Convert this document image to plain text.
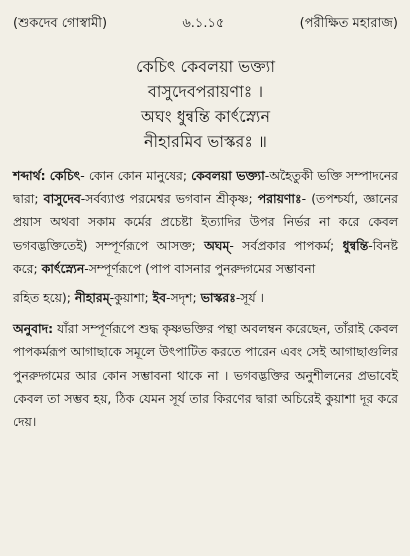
(শুকদেব গোস্বামী)	৬.১.১৫	(পরীক্ষিত মহারাজ)
কেচিৎ কেবলয়া ভক্ত্যা
বাসুদেবপরায়ণাঃ ।
অঘং ধুন্বন্তি কার্ৎস্ন্যেন
নীহারমিব ভাস্করঃ ॥

শব্দার্থ: কেচিৎ- কোন কোন মানুষের; কেবলয়া ভক্ত্যা-অহৈতুকী ভক্তি সম্পাদনের দ্বারা; বাসুদেব-সর্বব্যাপ্ত পরমেশ্বর ভগবান শ্রীকৃষ্ণ; পরায়ণাঃ- (তপশ্চর্যা, জ্ঞানের প্রয়াস অথবা সকাম কর্মের প্রচেষ্টা ইত্যাদির উপর নির্ভর না করে কেবল ভগবদ্ভক্তিতেই) সম্পূর্ণরূপে আসক্ত; অঘম্- সর্বপ্রকার পাপকর্ম; ধুন্বন্তি-বিনষ্ট করে; কার্ৎস্ন্যেন-সম্পূর্ণরূপে (পাপ বাসনার পুনরুদ্গমের সম্ভাবনা

রহিত হয়ে); নীহারম্-কুয়াশা; ইব-সদৃশ; ভাস্করঃ-সূর্য ।

অনুবাদ: যাঁরা সম্পূর্ণরূপে শুদ্ধ কৃষ্ণভক্তির পন্থা অবলম্বন করেছেন, তাঁরাই কেবল পাপকর্মরূপ আগাছাকে সমূলে উৎপাটিত করতে পারেন এবং সেই আগাছাগুলির পুনরুদ্গমের আর কোন সম্ভাবনা থাকে না । ভগবদ্ভক্তির অনুশীলনের প্রভাবেই কেবল তা সম্ভব হয়, ঠিক যেমন সূর্য তার কিরণের দ্বারা অচিরেই কুয়াশা দূর করে দেয়।
